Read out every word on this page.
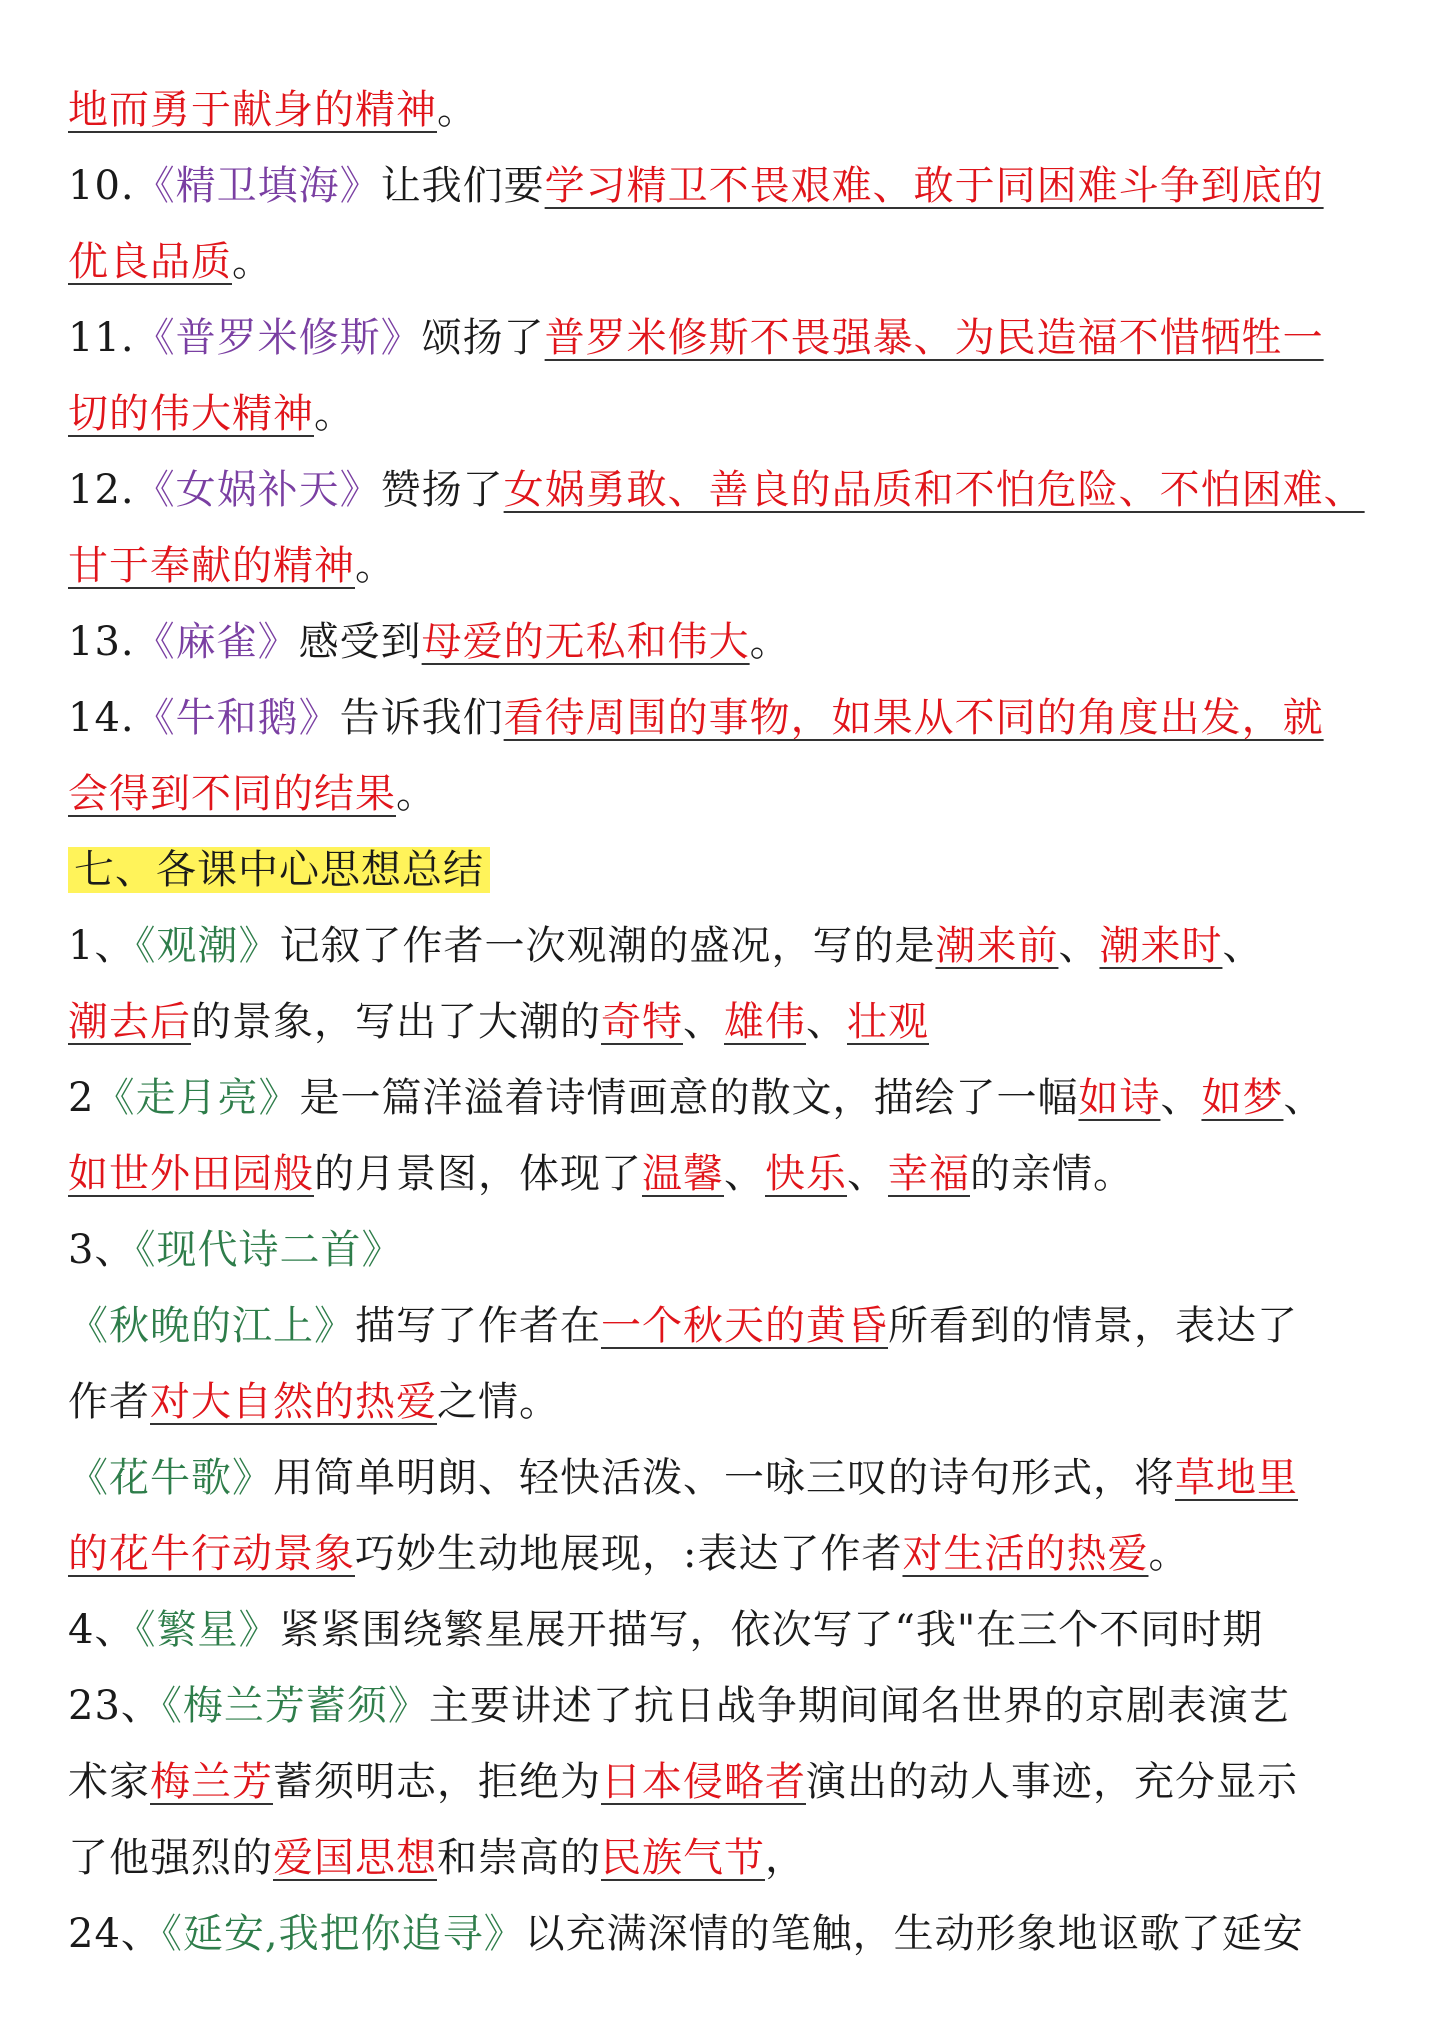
地而勇于献身的精神。
10.《精卫填海》让我们要学习精卫不畏艰难、敢于同困难斗争到底的
优良品质。
11.《普罗米修斯》颂扬了普罗米修斯不畏强暴、为民造福不惜牺牲一
切的伟大精神。
12.《女娲补天》赞扬了女娲勇敢、善良的品质和不怕危险、不怕困难、
甘于奉献的精神。
13.《麻雀》感受到母爱的无私和伟大。
14.《牛和鹅》告诉我们看待周围的事物，如果从不同的角度出发，就
会得到不同的结果。
七、各课中心思想总结
1、《观潮》记叙了作者一次观潮的盛况，写的是潮来前、潮来时、
潮去后的景象，写出了大潮的奇特、雄伟、壮观
2《走月亮》是一篇洋溢着诗情画意的散文，描绘了一幅如诗、如梦、
如世外田园般的月景图，体现了温馨、快乐、幸福的亲情。
3、《现代诗二首》
《秋晚的江上》描写了作者在一个秋天的黄昏所看到的情景，表达了
作者对大自然的热爱之情。
《花牛歌》用简单明朗、轻快活泼、一咏三叹的诗句形式，将草地里
的花牛行动景象巧妙生动地展现，:表达了作者对生活的热爱。
4、《繁星》紧紧围绕繁星展开描写，依次写了“我"在三个不同时期
23、《梅兰芳蓄须》主要讲述了抗日战争期间闻名世界的京剧表演艺
术家梅兰芳蓄须明志，拒绝为日本侵略者演出的动人事迹，充分显示
了他强烈的爱国思想和崇高的民族气节，
24、《延安,我把你追寻》以充满深情的笔触，生动形象地讴歌了延安
